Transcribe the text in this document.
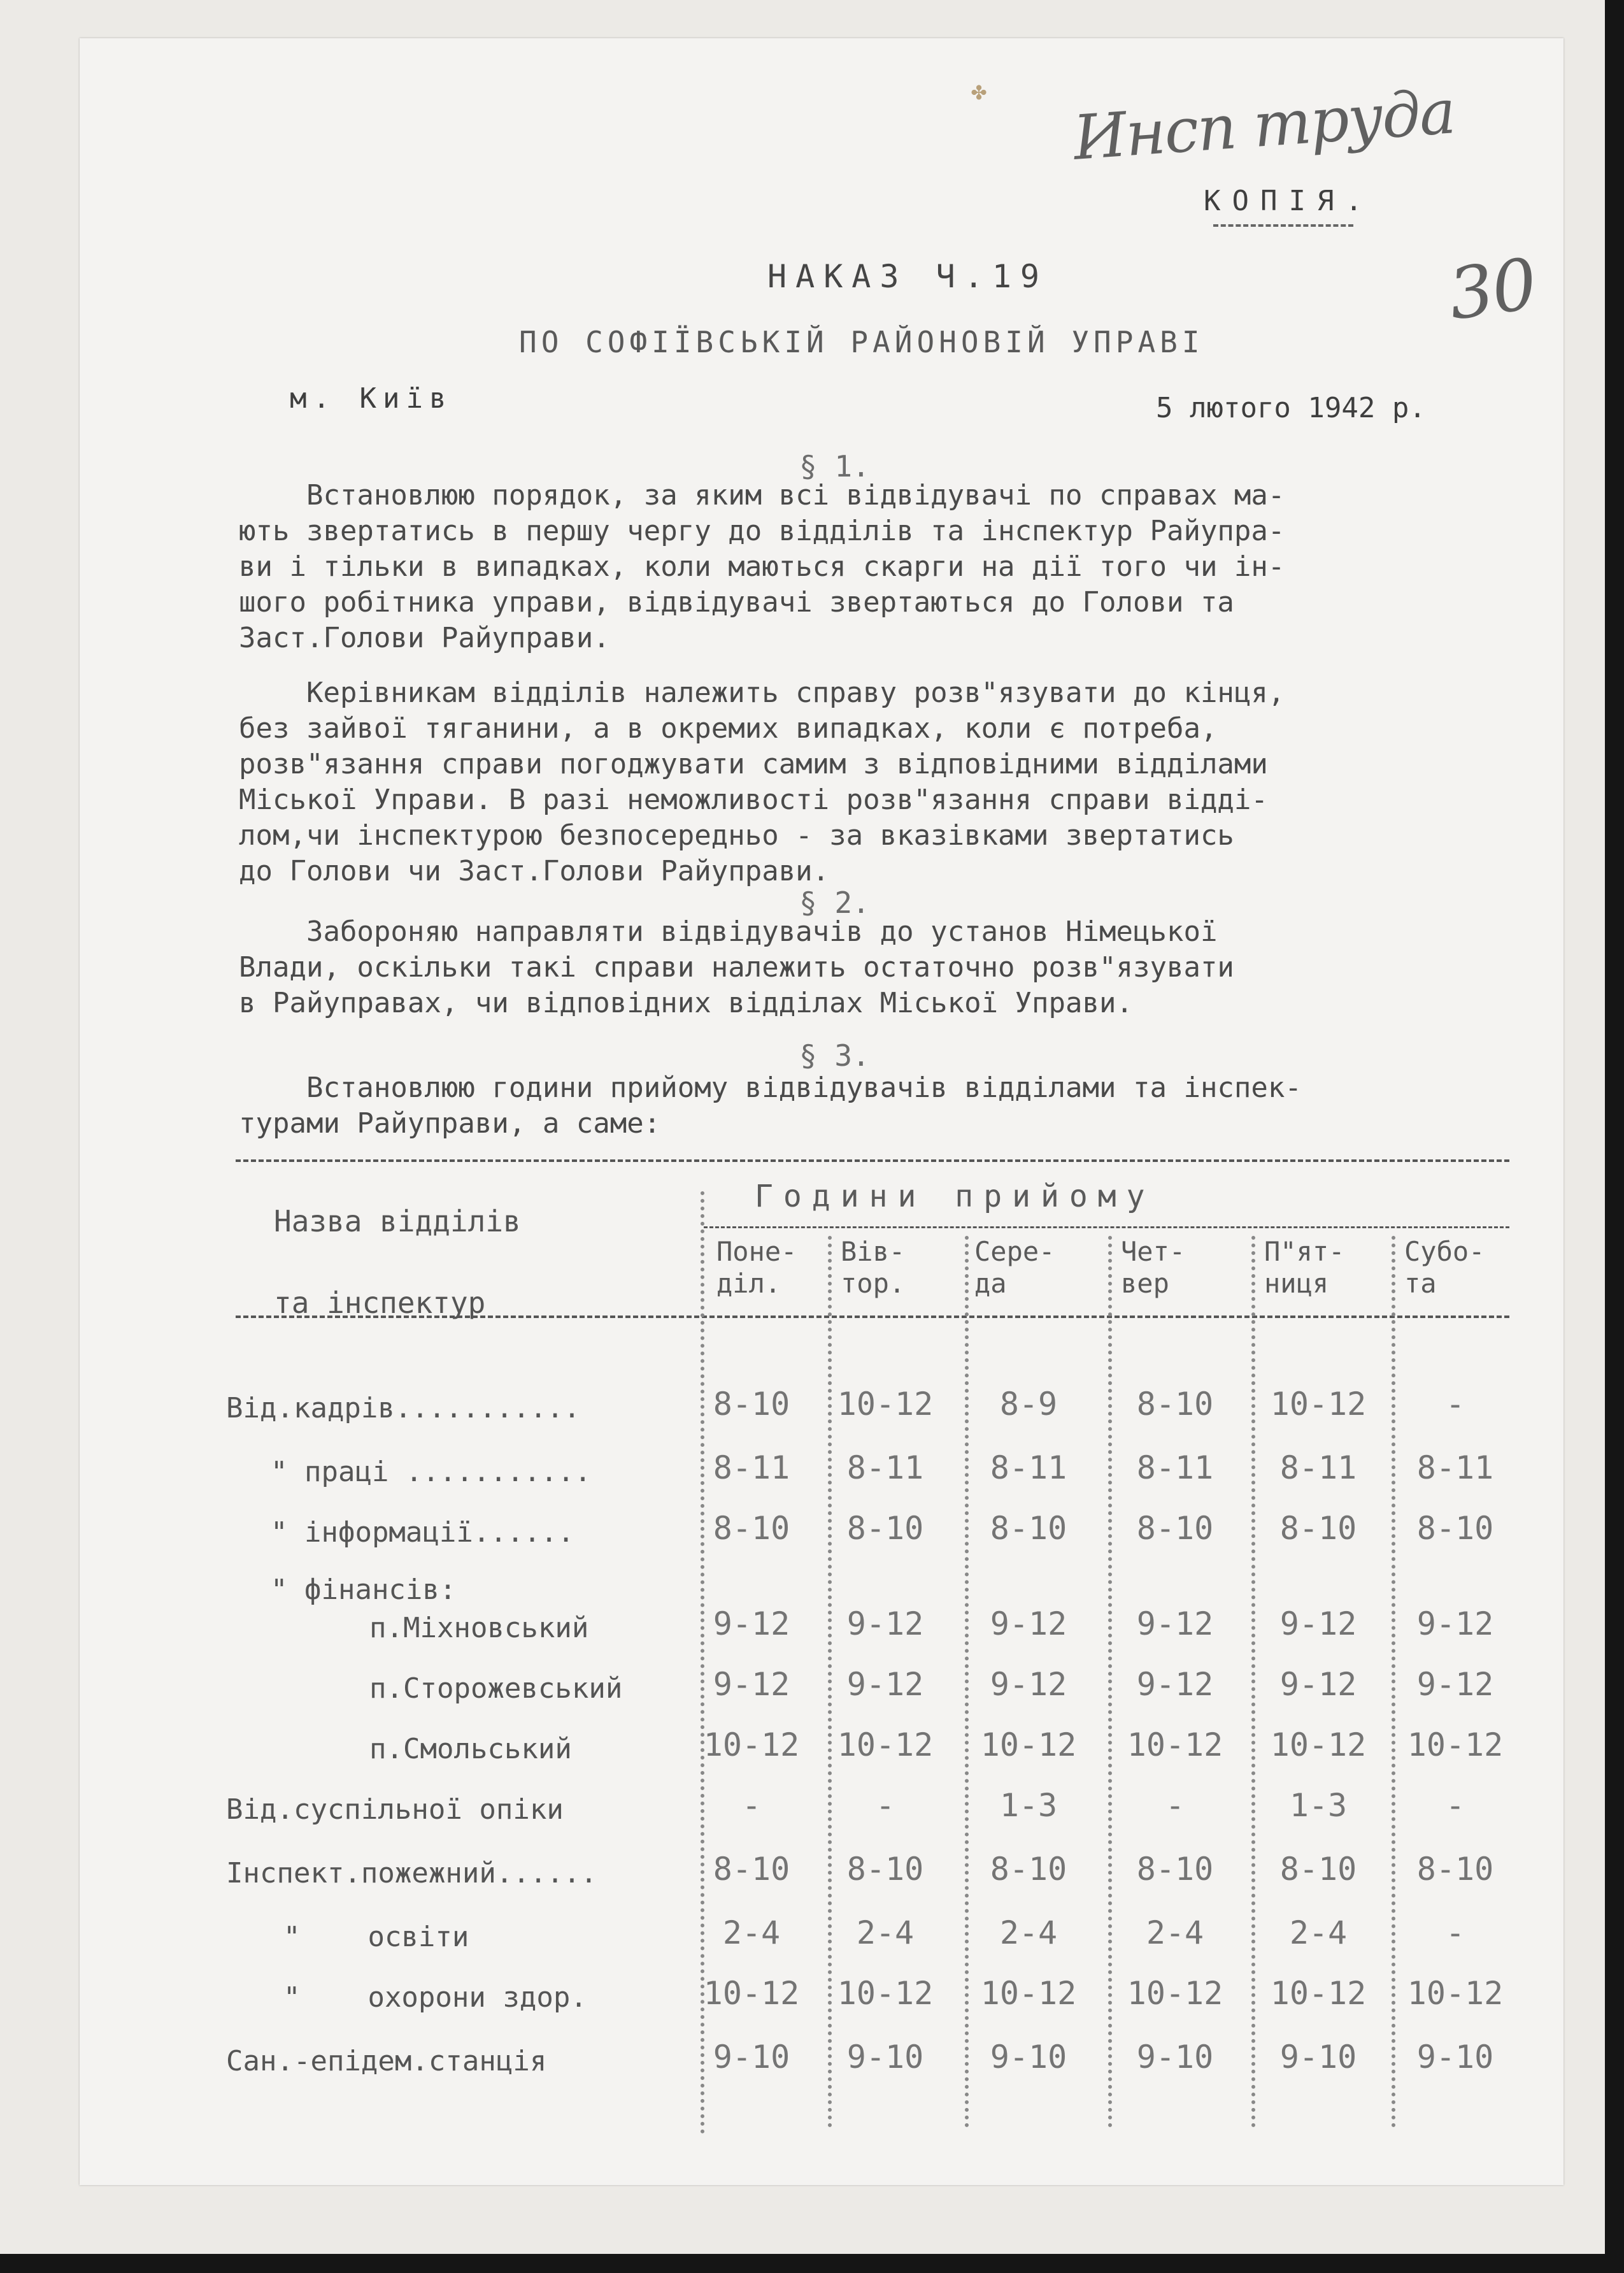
✤ Инсп труда
30
КОПІЯ.
НАКАЗ Ч.19
ПО СОФІЇВСЬКІЙ РАЙОНОВІЙ УПРАВІ
м. Київ	5 лютого 1942 р.
§ 1.
Встановлюю порядок, за яким всі відвідувачі по справах ма-
ють звертатись в першу чергу до відділів та інспектур Райупра-
ви і тільки в випадках, коли маються скарги на дії того чи ін-
шого робітника управи, відвідувачі звертаються до Голови та
Заст.Голови Райуправи.
Керівникам відділів належить справу розв"язувати до кінця,
без зайвої тяганини, а в окремих випадках, коли є потреба,
розв"язання справи погоджувати самим з відповідними відділами
Міської Управи. В разі неможливості розв"язання справи відді-
лом,чи інспектурою безпосередньо - за вказівками звертатись
до Голови чи Заст.Голови Райуправи.
§ 2.
Забороняю направляти відвідувачів до установ Німецької
Влади, оскільки такі справи належить остаточно розв"язувати
в Райуправах, чи відповідних відділах Міської Управи.
§ 3.
Встановлюю години прийому відвідувачів відділами та інспек-
турами Райуправи, а саме:
Назва відділів

та інспектур
Години прийому
Поне-
діл.
Вів-
тор.
Сере-
да
Чет-
вер
П"ят-
ниця
Субо-
та
Від.кадрів...........	8-10	10-12	8-9	8-10	10-12	-
" праці ...........	8-11	8-11	8-11	8-11	8-11	8-11
" інформації......	8-10	8-10	8-10	8-10	8-10	8-10
" фінансів:
п.Міхновський	9-12	9-12	9-12	9-12	9-12	9-12
п.Сторожевський	9-12	9-12	9-12	9-12	9-12	9-12
п.Смольський	10-12	10-12	10-12	10-12	10-12	10-12
Від.суспільної опіки	-	-	1-3	-	1-3	-
Інспект.пожежний......	8-10	8-10	8-10	8-10	8-10	8-10
"    освіти	2-4	2-4	2-4	2-4	2-4	-
"    охорони здор.	10-12	10-12	10-12	10-12	10-12	10-12
Сан.-епідем.станція	9-10	9-10	9-10	9-10	9-10	9-10
